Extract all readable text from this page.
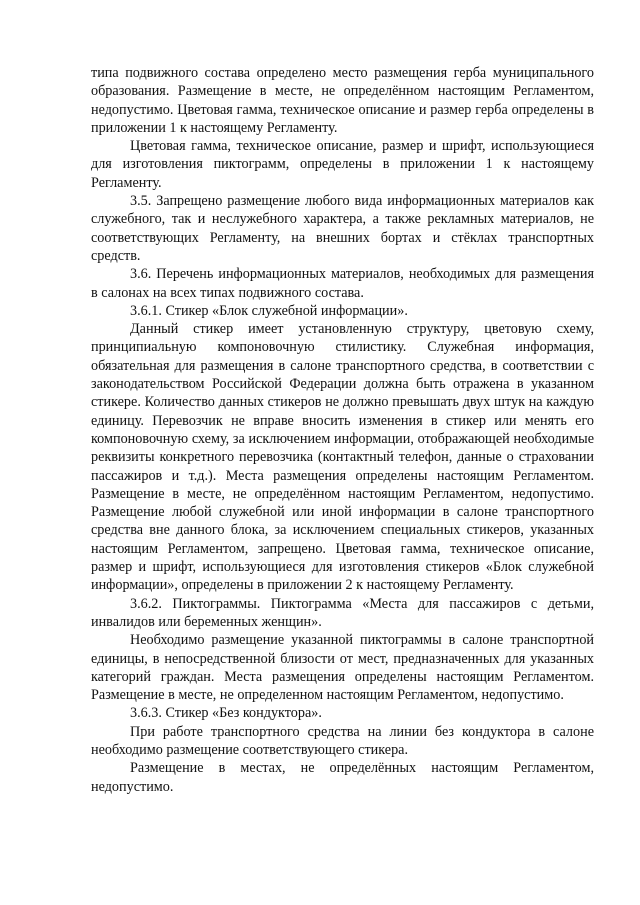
типа подвижного состава определено место размещения герба муниципального образования. Размещение в месте, не определённом настоящим Регламентом, недопустимо. Цветовая гамма, техническое описание и размер герба определены в приложении 1 к настоящему Регламенту.

Цветовая гамма, техническое описание, размер и шрифт, использующиеся для изготовления пиктограмм, определены в приложении 1 к настоящему Регламенту.

3.5. Запрещено размещение любого вида информационных материалов как служебного, так и неслужебного характера, а также рекламных материалов, не соответствующих Регламенту, на внешних бортах и стёклах транспортных средств.

3.6. Перечень информационных материалов, необходимых для размещения в салонах на всех типах подвижного состава.

3.6.1. Стикер «Блок служебной информации».

Данный стикер имеет установленную структуру, цветовую схему, принципиальную компоновочную стилистику. Служебная информация, обязательная для размещения в салоне транспортного средства, в соответствии с законодательством Российской Федерации должна быть отражена в указанном стикере. Количество данных стикеров не должно превышать двух штук на каждую единицу. Перевозчик не вправе вносить изменения в стикер или менять его компоновочную схему, за исключением информации, отображающей необходимые реквизиты конкретного перевозчика (контактный телефон, данные о страховании пассажиров и т.д.). Места размещения определены настоящим Регламентом. Размещение в месте, не определённом настоящим Регламентом, недопустимо. Размещение любой служебной или иной информации в салоне транспортного средства вне данного блока, за исключением специальных стикеров, указанных настоящим Регламентом, запрещено. Цветовая гамма, техническое описание, размер и шрифт, использующиеся для изготовления стикеров «Блок служебной информации», определены в приложении 2 к настоящему Регламенту.

3.6.2. Пиктограммы. Пиктограмма «Места для пассажиров с детьми, инвалидов или беременных женщин».

Необходимо размещение указанной пиктограммы в салоне транспортной единицы, в непосредственной близости от мест, предназначенных для указанных категорий граждан. Места размещения определены настоящим Регламентом. Размещение в месте, не определенном настоящим Регламентом, недопустимо.

3.6.3. Стикер «Без кондуктора».

При работе транспортного средства на линии без кондуктора в салоне необходимо размещение соответствующего стикера.

Размещение в местах, не определённых настоящим Регламентом, недопустимо.
